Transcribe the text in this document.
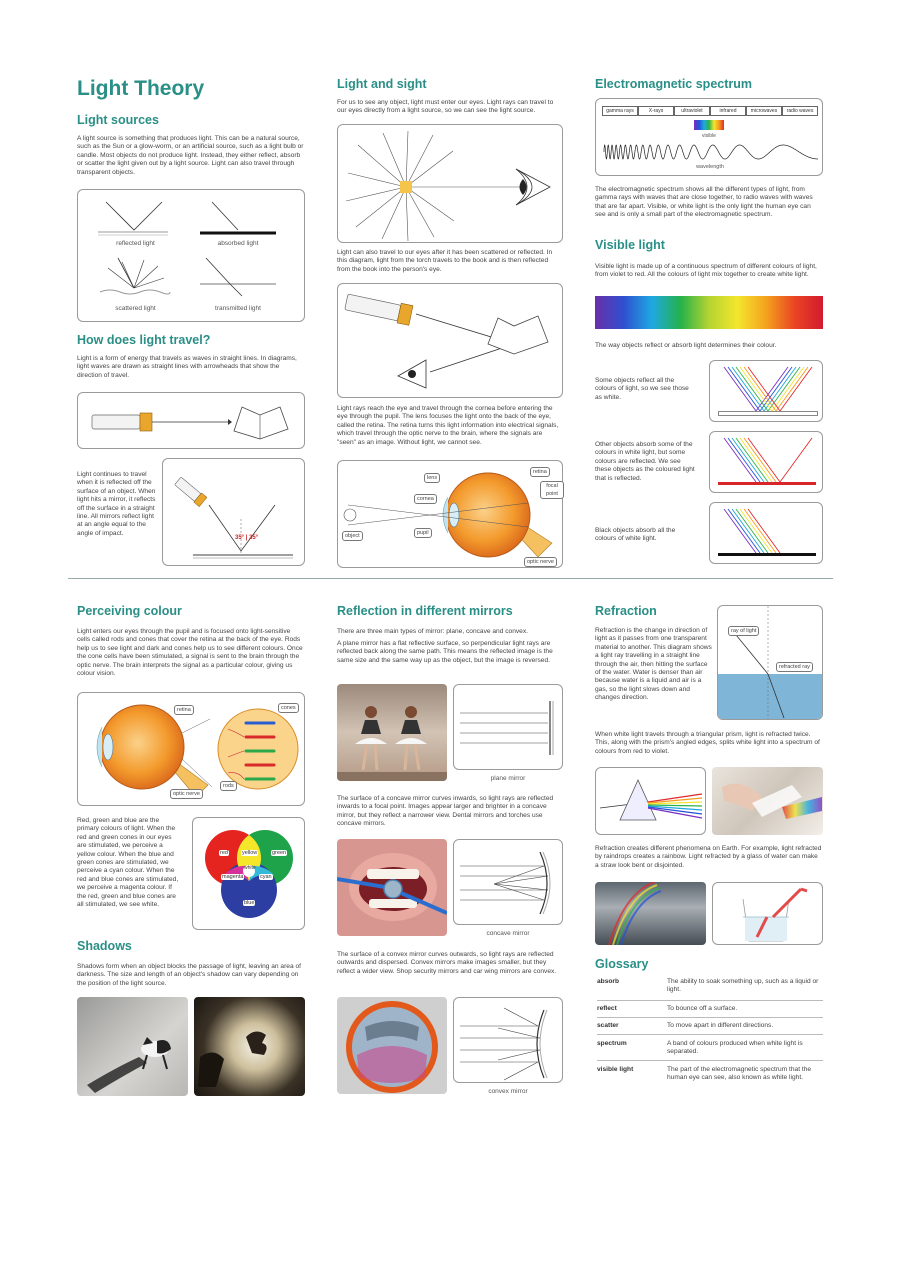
Light Theory
Light sources

A light source is something that produces light. This can be a natural source, such as the Sun or a glow-worm, or an artificial source, such as a light bulb or candle. Most objects do not produce light. Instead, they either reflect, absorb or scatter the light given out by a light source. Light can also travel through transparent objects.

reflected light	absorbed light
scattered light	transmitted light
How does light travel?

Light is a form of energy that travels as waves in straight lines. In diagrams, light waves are drawn as straight lines with arrowheads that show the direction of travel.

Light continues to travel when it is reflected off the surface of an object. When light hits a mirror, it reflects off the surface in a straight line. All mirrors reflect light at an angle equal to the angle of impact.

35° | 35°
Light and sight

For us to see any object, light must enter our eyes. Light rays can travel to our eyes directly from a light source, so we can see the light source.

Light can also travel to our eyes after it has been scattered or reflected. In this diagram, light from the torch travels to the book and is then reflected from the book into the person's eye.

Light rays reach the eye and travel through the cornea before entering the eye through the pupil. The lens focuses the light onto the back of the eye, called the retina. The retina turns this light information into electrical signals, which travel through the optic nerve to the brain, where the signals are "seen" as an image. Without light, we cannot see.

lens
cornea
pupil
object
retina
focal point
optic nerve
Electromagnetic spectrum
gamma rays	X-rays	ultraviolet	infrared	microwaves	radio waves
visible
wavelength

The electromagnetic spectrum shows all the different types of light, from gamma rays with waves that are close together, to radio waves with waves that are far apart. Visible, or white light is the only light the human eye can see and is only a small part of the electromagnetic spectrum.

Visible light

Visible light is made up of a continuous spectrum of different colours of light, from violet to red. All the colours of light mix together to create white light.

The way objects reflect or absorb light determines their colour.

Some objects reflect all the colours of light, so we see those as white.

Other objects absorb some of the colours in white light, but some colours are reflected. We see these objects as the coloured light that is reflected.

Black objects absorb all the colours of white light.

Perceiving colour

Light enters our eyes through the pupil and is focused onto light-sensitive cells called rods and cones that cover the retina at the back of the eye. Rods help us to see light and dark and cones help us to see different colours. Once the cone cells have been stimulated, a signal is sent to the brain through the optic nerve. The brain interprets the signal as a particular colour, giving us colour vision.

retina	cones
rods
optic nerve

Red, green and blue are the primary colours of light. When the red and green cones in our eyes are stimulated, we perceive a yellow colour. When the blue and green cones are stimulated, we perceive a cyan colour. When the red and blue cones are stimulated, we perceive a magenta colour. If the red, green and blue cones are all stimulated, we see white.

red	yellow	green
white
magenta	cyan
blue
Shadows

Shadows form when an object blocks the passage of light, leaving an area of darkness. The size and length of an object's shadow can vary depending on the position of the light source.

Reflection in different mirrors

There are three main types of mirror: plane, concave and convex.

A plane mirror has a flat reflective surface, so perpendicular light rays are reflected back along the same path. This means the reflected image is the same size and the same way up as the object, but the image is reversed.

plane mirror

The surface of a concave mirror curves inwards, so light rays are reflected inwards to a focal point. Images appear larger and brighter in a concave mirror, but they reflect a narrower view. Dental mirrors and torches use concave mirrors.

concave mirror

The surface of a convex mirror curves outwards, so light rays are reflected outwards and dispersed. Convex mirrors make images smaller, but they reflect a wider view. Shop security mirrors and car wing mirrors are convex.

convex mirror
Refraction

Refraction is the change in direction of light as it passes from one transparent material to another. This diagram shows a light ray travelling in a straight line through the air, then hitting the surface of the water. Water is denser than air because water is a liquid and air is a gas, so the light slows down and changes direction.

ray of light
refracted ray

When white light travels through a triangular prism, light is refracted twice. This, along with the prism's angled edges, splits white light into a spectrum of colours from red to violet.

Refraction creates different phenomena on Earth. For example, light refracted by raindrops creates a rainbow. Light refracted by a glass of water can make a straw look bent or disjointed.

Glossary
absorb	The ability to soak something up, such as a liquid or light.
reflect	To bounce off a surface.
scatter	To move apart in different directions.
spectrum	A band of colours produced when white light is separated.
visible light	The part of the electromagnetic spectrum that the human eye can see, also known as white light.
